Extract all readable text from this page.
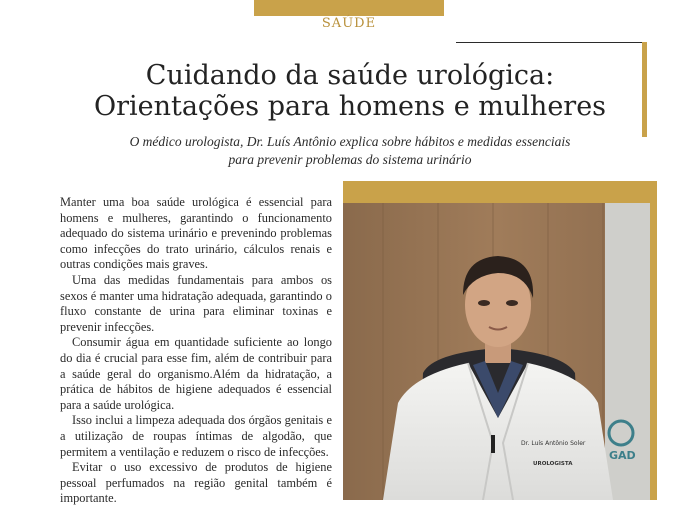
SAÚDE
Cuidando da saúde urológica:
Orientações para homens e mulheres
O médico urologista, Dr. Luís Antônio explica sobre hábitos e medidas essenciais
para prevenir problemas do sistema urinário

Manter uma boa saúde urológica é essencial para homens e mulheres, garantindo o funcionamento adequado do sistema urinário e prevenindo problemas como infecções do trato urinário, cálculos renais e outras condições mais graves.

Uma das medidas fundamentais para ambos os sexos é manter uma hidratação adequada, garantindo o fluxo constante de urina para eliminar toxinas e prevenir infecções.

Consumir água em quantidade suficiente ao longo do dia é crucial para esse fim, além de contribuir para a saúde geral do organismo.Além da hidratação, a prática de hábitos de higiene adequados é essencial para a saúde urológica.

Isso inclui a limpeza adequada dos órgãos genitais e a utilização de roupas íntimas de algodão, que permitem a ventilação e reduzem o risco de infecções.

Evitar o uso excessivo de produtos de higiene pessoal perfumados na região genital também é importante.

Dr. Luís Antônio Soler
UROLOGISTA
GAD
